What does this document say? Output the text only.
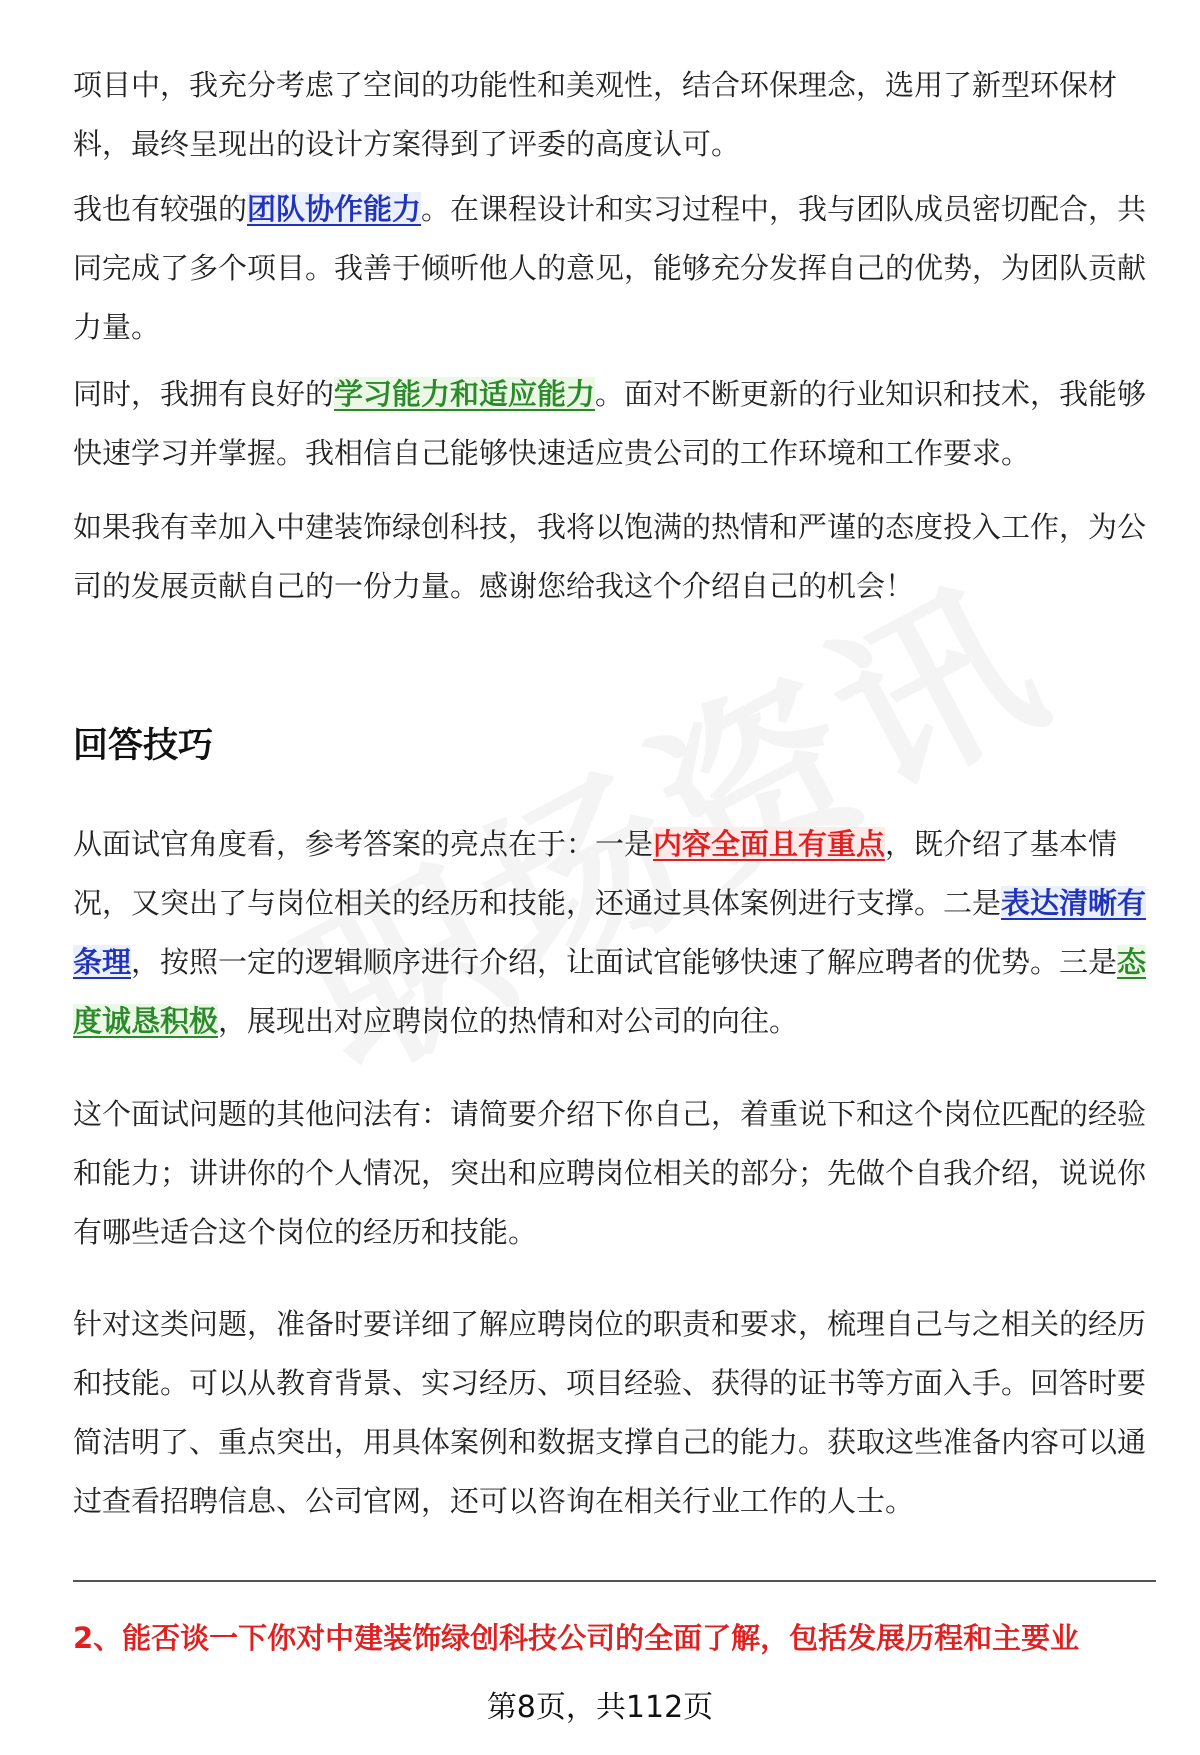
项目中，我充分考虑了空间的功能性和美观性，结合环保理念，选用了新型环保材料，最终呈现出的设计方案得到了评委的高度认可。

我也有较强的团队协作能力。在课程设计和实习过程中，我与团队成员密切配合，共同完成了多个项目。我善于倾听他人的意见，能够充分发挥自己的优势，为团队贡献力量。

同时，我拥有良好的学习能力和适应能力。面对不断更新的行业知识和技术，我能够快速学习并掌握。我相信自己能够快速适应贵公司的工作环境和工作要求。

如果我有幸加入中建装饰绿创科技，我将以饱满的热情和严谨的态度投入工作，为公司的发展贡献自己的一份力量。感谢您给我这个介绍自己的机会！

回答技巧

从面试官角度看，参考答案的亮点在于：一是内容全面且有重点，既介绍了基本情况，又突出了与岗位相关的经历和技能，还通过具体案例进行支撑。二是表达清晰有条理，按照一定的逻辑顺序进行介绍，让面试官能够快速了解应聘者的优势。三是态度诚恳积极，展现出对应聘岗位的热情和对公司的向往。

这个面试问题的其他问法有：请简要介绍下你自己，着重说下和这个岗位匹配的经验和能力；讲讲你的个人情况，突出和应聘岗位相关的部分；先做个自我介绍，说说你有哪些适合这个岗位的经历和技能。

针对这类问题，准备时要详细了解应聘岗位的职责和要求，梳理自己与之相关的经历和技能。可以从教育背景、实习经历、项目经验、获得的证书等方面入手。回答时要简洁明了、重点突出，用具体案例和数据支撑自己的能力。获取这些准备内容可以通过查看招聘信息、公司官网，还可以咨询在相关行业工作的人士。

2、能否谈一下你对中建装饰绿创科技公司的全面了解，包括发展历程和主要业

第8页，共112页
